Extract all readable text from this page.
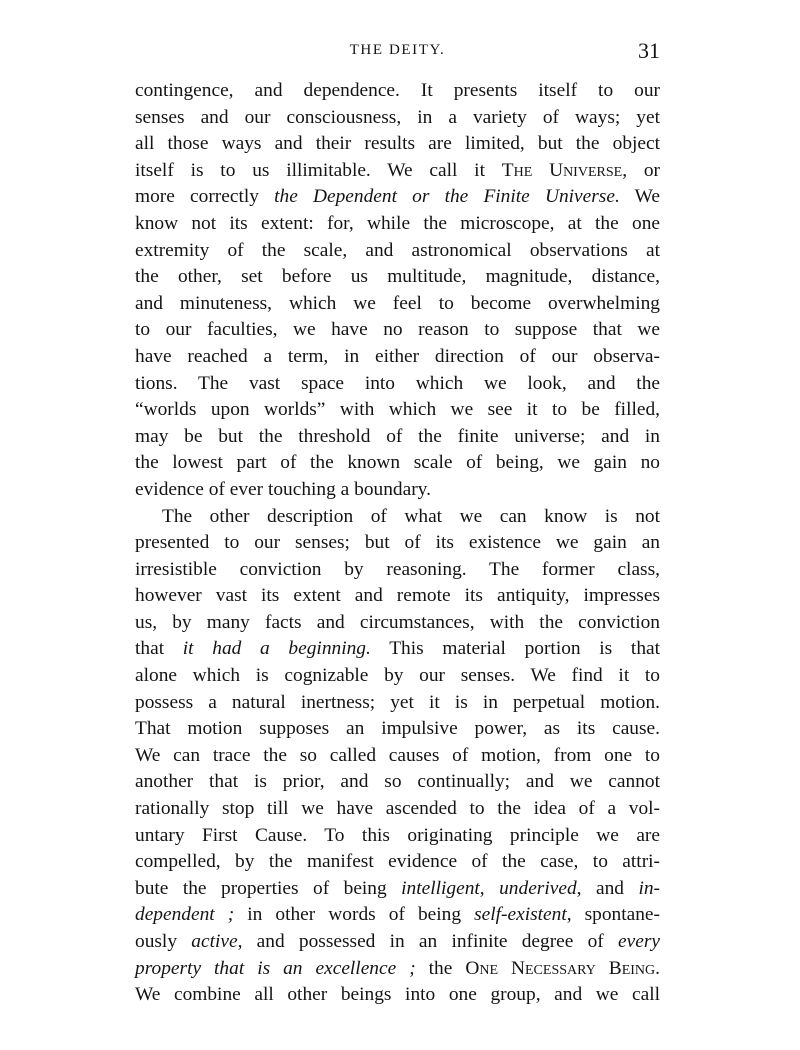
THE DEITY.	31
contingence, and dependence. It presents itself to our
senses and our consciousness, in a variety of ways; yet
all those ways and their results are limited, but the object
itself is to us illimitable. We call it The Universe, or
more correctly the Dependent or the Finite Universe. We
know not its extent: for, while the microscope, at the one
extremity of the scale, and astronomical observations at
the other, set before us multitude, magnitude, distance,
and minuteness, which we feel to become overwhelming
to our faculties, we have no reason to suppose that we
have reached a term, in either direction of our observa-
tions. The vast space into which we look, and the
“worlds upon worlds” with which we see it to be filled,
may be but the threshold of the finite universe; and in
the lowest part of the known scale of being, we gain no
evidence of ever touching a boundary.
The other description of what we can know is not
presented to our senses; but of its existence we gain an
irresistible conviction by reasoning. The former class,
however vast its extent and remote its antiquity, impresses
us, by many facts and circumstances, with the conviction
that it had a beginning. This material portion is that
alone which is cognizable by our senses. We find it to
possess a natural inertness; yet it is in perpetual motion.
That motion supposes an impulsive power, as its cause.
We can trace the so called causes of motion, from one to
another that is prior, and so continually; and we cannot
rationally stop till we have ascended to the idea of a vol-
untary First Cause. To this originating principle we are
compelled, by the manifest evidence of the case, to attri-
bute the properties of being intelligent, underived, and in-
dependent ; in other words of being self-existent, spontane-
ously active, and possessed in an infinite degree of every
property that is an excellence ; the One Necessary Being.
We combine all other beings into one group, and we call
